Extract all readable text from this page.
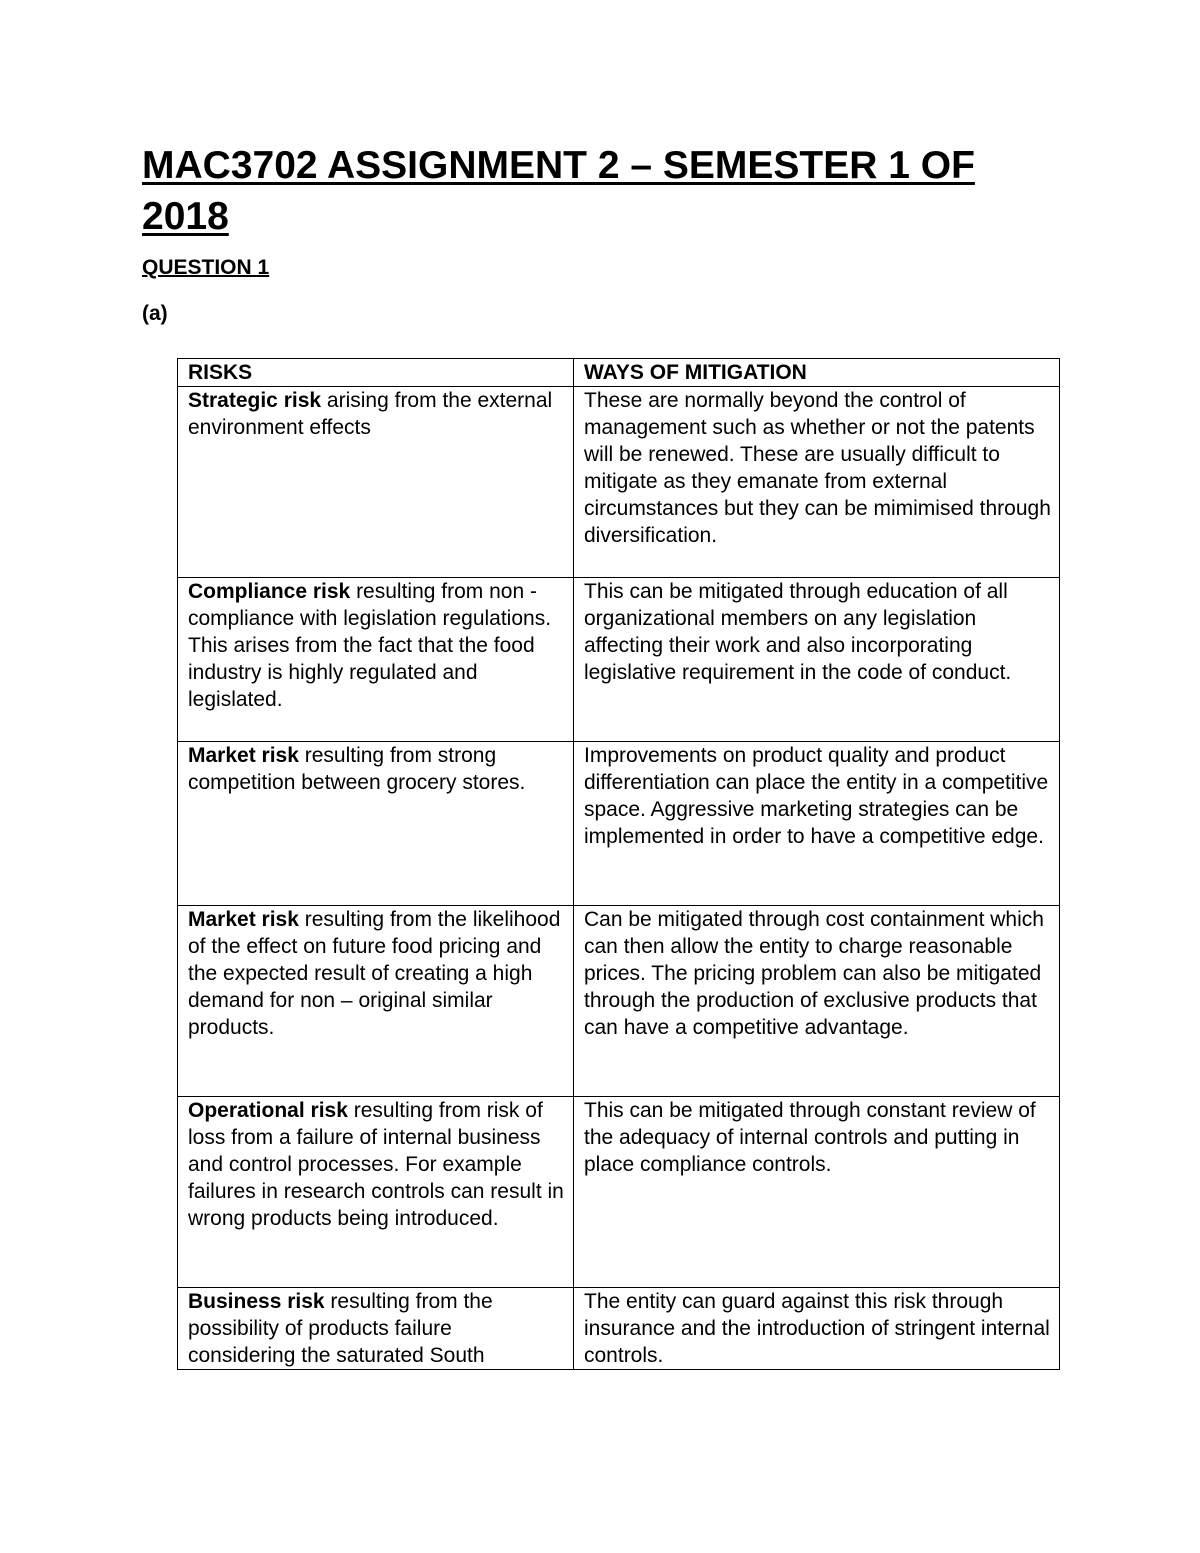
MAC3702 ASSIGNMENT 2 – SEMESTER 1 OF 2018

QUESTION 1

(a)

RISKS	WAYS OF MITIGATION
Strategic risk arising from the external environment effects	These are normally beyond the control of management such as whether or not the patents will be renewed. These are usually difficult to mitigate as they emanate from external circumstances but they can be mimimised through diversification.
Compliance risk resulting from non - compliance with legislation regulations. This arises from the fact that the food industry is highly regulated and legislated.	This can be mitigated through education of all organizational members on any legislation affecting their work and also incorporating legislative requirement in the code of conduct.
Market risk resulting from strong competition between grocery stores.	Improvements on product quality and product differentiation can place the entity in a competitive space. Aggressive marketing strategies can be implemented in order to have a competitive edge.
Market risk resulting from the likelihood of the effect on future food pricing and the expected result of creating a high demand for non – original similar products.	Can be mitigated through cost containment which can then allow the entity to charge reasonable prices. The pricing problem can also be mitigated through the production of exclusive products that can have a competitive advantage.
Operational risk resulting from risk of loss from a failure of internal business and control processes. For example failures in research controls can result in wrong products being introduced.	This can be mitigated through constant review of the adequacy of internal controls and putting in place compliance controls.
Business risk resulting from the possibility of products failure considering the saturated South	The entity can guard against this risk through insurance and the introduction of stringent internal controls.
